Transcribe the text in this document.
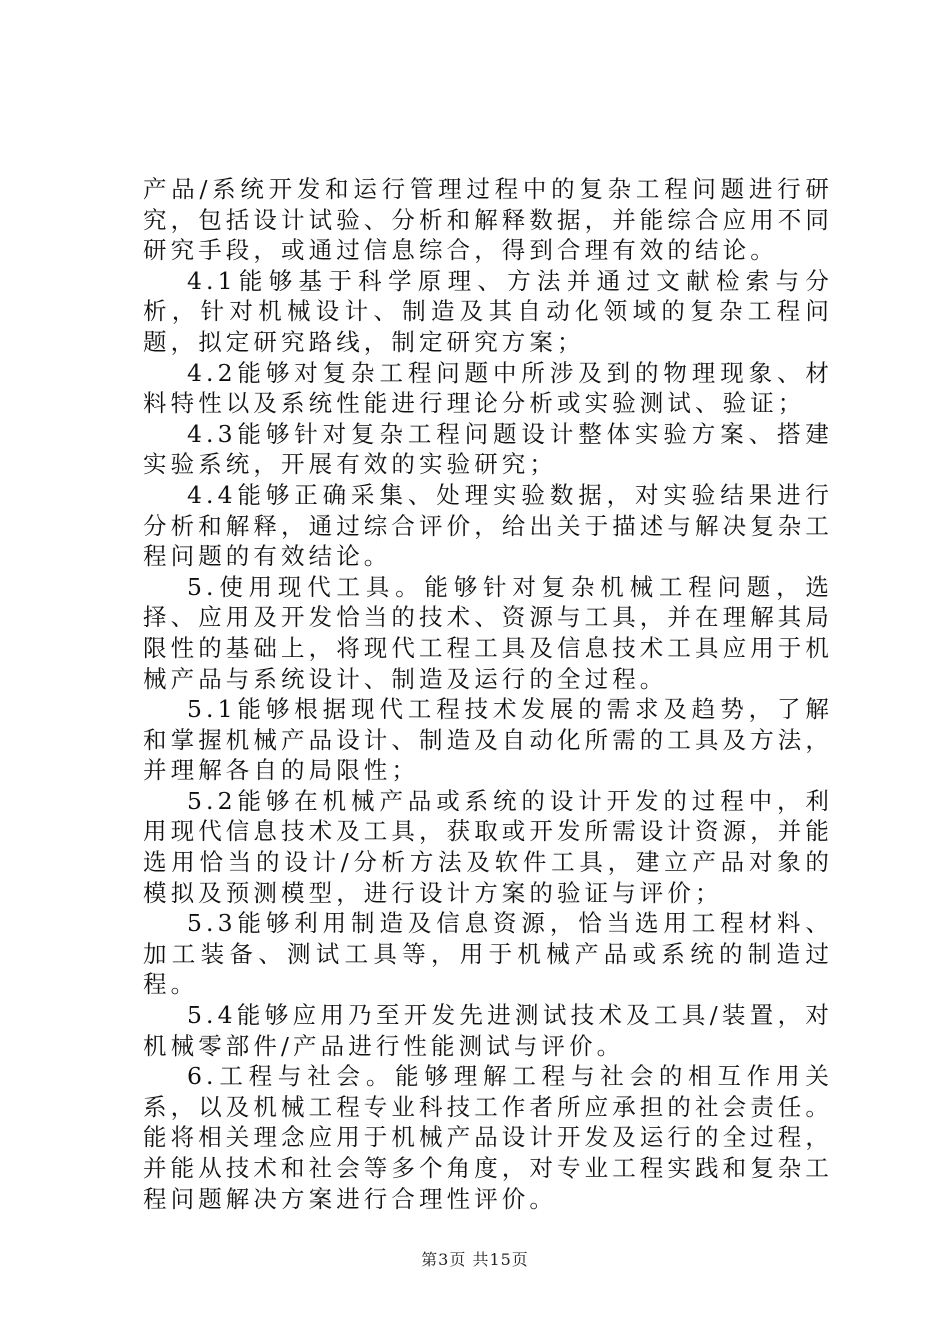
产品/系统开发和运行管理过程中的复杂工程问题进行研究，包括设计试验、分析和解释数据，并能综合应用不同研究手段，或通过信息综合，得到合理有效的结论。

4.1能够基于科学原理、方法并通过文献检索与分析，针对机械设计、制造及其自动化领域的复杂工程问题，拟定研究路线，制定研究方案；

4.2能够对复杂工程问题中所涉及到的物理现象、材料特性以及系统性能进行理论分析或实验测试、验证；

4.3能够针对复杂工程问题设计整体实验方案、搭建实验系统，开展有效的实验研究；

4.4能够正确采集、处理实验数据，对实验结果进行分析和解释，通过综合评价，给出关于描述与解决复杂工程问题的有效结论。

5.使用现代工具。能够针对复杂机械工程问题，选择、应用及开发恰当的技术、资源与工具，并在理解其局限性的基础上，将现代工程工具及信息技术工具应用于机械产品与系统设计、制造及运行的全过程。

5.1能够根据现代工程技术发展的需求及趋势，了解和掌握机械产品设计、制造及自动化所需的工具及方法，并理解各自的局限性；

5.2能够在机械产品或系统的设计开发的过程中，利用现代信息技术及工具，获取或开发所需设计资源，并能选用恰当的设计/分析方法及软件工具，建立产品对象的模拟及预测模型，进行设计方案的验证与评价；

5.3能够利用制造及信息资源，恰当选用工程材料、加工装备、测试工具等，用于机械产品或系统的制造过程。

5.4能够应用乃至开发先进测试技术及工具/装置，对机械零部件/产品进行性能测试与评价。

6.工程与社会。能够理解工程与社会的相互作用关系，以及机械工程专业科技工作者所应承担的社会责任。能将相关理念应用于机械产品设计开发及运行的全过程，并能从技术和社会等多个角度，对专业工程实践和复杂工程问题解决方案进行合理性评价。

第3页 共15页
